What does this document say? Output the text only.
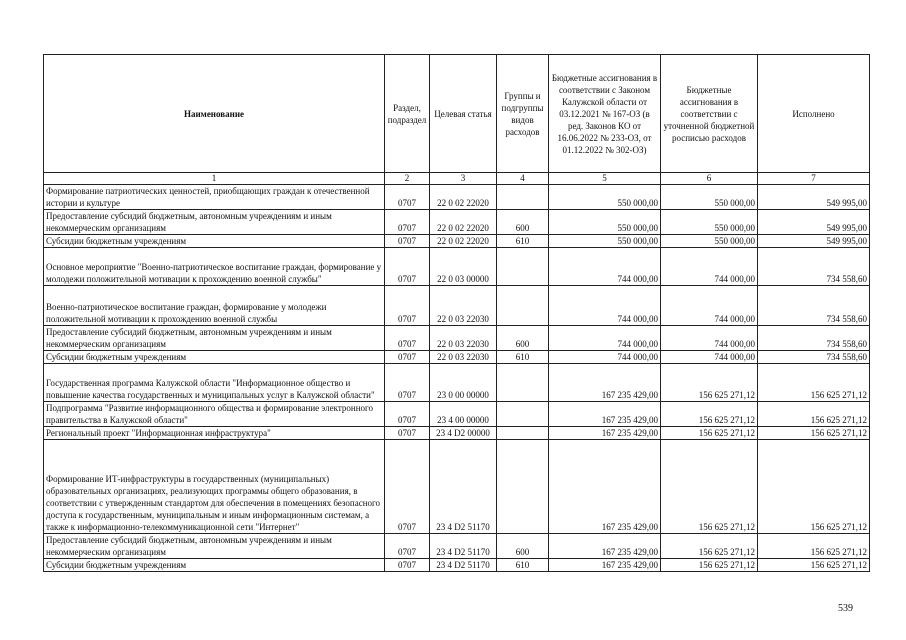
Наименование	Раздел, подраздел	Целевая статья	Группы и подгруппы видов расходов	Бюджетные ассигнования в соответствии с Законом Калужской области от 03.12.2021 № 167-ОЗ (в ред. Законов КО от 16.06.2022 № 233-ОЗ, от 01.12.2022 № 302-ОЗ)	Бюджетные ассигнования в соответствии с уточненной бюджетной росписью расходов	Исполнено
1	2	3	4	5	6	7
Формирование патриотических ценностей, приобщающих граждан к отечественной истории и культуре	0707	22 0 02 22020		550 000,00	550 000,00	549 995,00
Предоставление субсидий бюджетным, автономным учреждениям и иным некоммерческим организациям	0707	22 0 02 22020	600	550 000,00	550 000,00	549 995,00
Субсидии бюджетным учреждениям	0707	22 0 02 22020	610	550 000,00	550 000,00	549 995,00
Основное мероприятие "Военно-патриотическое воспитание граждан, формирование у молодежи положительной мотивации к прохождению военной службы"	0707	22 0 03 00000		744 000,00	744 000,00	734 558,60
Военно-патриотическое воспитание граждан, формирование у молодежи положительной мотивации к прохождению военной службы	0707	22 0 03 22030		744 000,00	744 000,00	734 558,60
Предоставление субсидий бюджетным, автономным учреждениям и иным некоммерческим организациям	0707	22 0 03 22030	600	744 000,00	744 000,00	734 558,60
Субсидии бюджетным учреждениям	0707	22 0 03 22030	610	744 000,00	744 000,00	734 558,60
Государственная программа Калужской области "Информационное общество и повышение качества государственных и муниципальных услуг в Калужской области"	0707	23 0 00 00000		167 235 429,00	156 625 271,12	156 625 271,12
Подпрограмма "Развитие информационного общества и формирование электронного правительства в Калужской области"	0707	23 4 00 00000		167 235 429,00	156 625 271,12	156 625 271,12
Региональный проект "Информационная инфраструктура"	0707	23 4 D2 00000		167 235 429,00	156 625 271,12	156 625 271,12
Формирование ИТ-инфраструктуры в государственных (муниципальных) образовательных организациях, реализующих программы общего образования, в соответствии с утвержденным стандартом для обеспечения в помещениях безопасного доступа к государственным, муниципальным и иным информационным системам, а также к информационно-телекоммуникационной сети "Интернет"	0707	23 4 D2 51170		167 235 429,00	156 625 271,12	156 625 271,12
Предоставление субсидий бюджетным, автономным учреждениям и иным некоммерческим организациям	0707	23 4 D2 51170	600	167 235 429,00	156 625 271,12	156 625 271,12
Субсидии бюджетным учреждениям	0707	23 4 D2 51170	610	167 235 429,00	156 625 271,12	156 625 271,12
539
